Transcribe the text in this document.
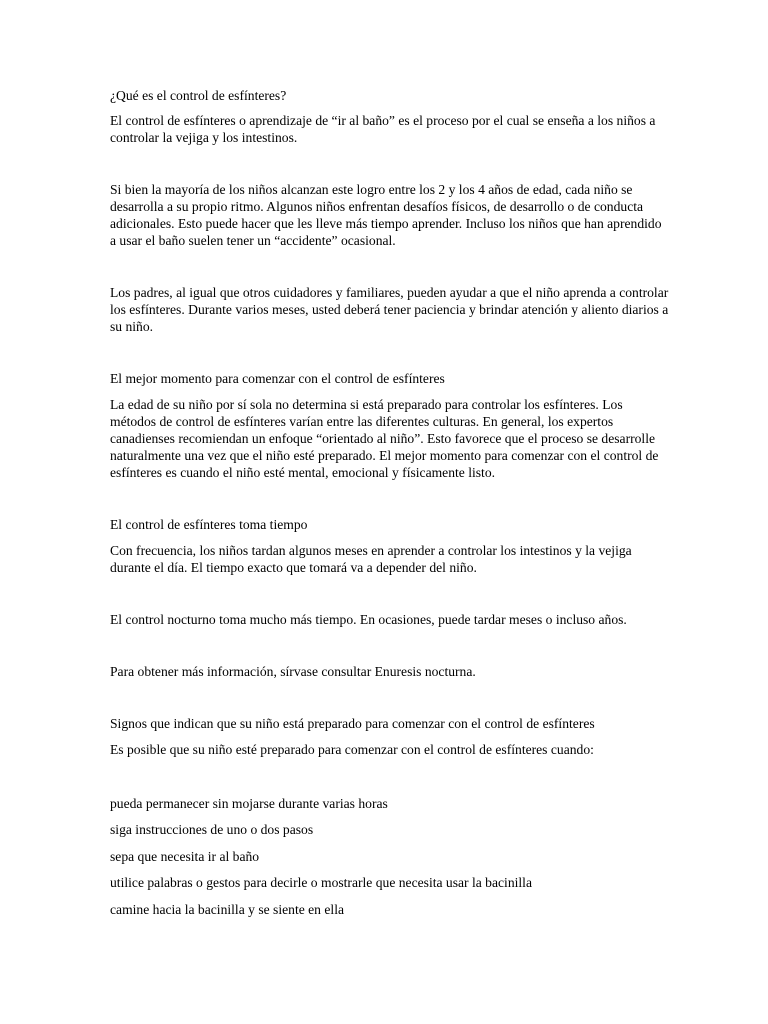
¿Qué es el control de esfínteres?

El control de esfínteres o aprendizaje de “ir al baño” es el proceso por el cual se enseña a los niños a controlar la vejiga y los intestinos.

Si bien la mayoría de los niños alcanzan este logro entre los 2 y los 4 años de edad, cada niño se desarrolla a su propio ritmo. Algunos niños enfrentan desafíos físicos, de desarrollo o de conducta adicionales. Esto puede hacer que les lleve más tiempo aprender. Incluso los niños que han aprendido a usar el baño suelen tener un “accidente” ocasional.

Los padres, al igual que otros cuidadores y familiares, pueden ayudar a que el niño aprenda a controlar los esfínteres. Durante varios meses, usted deberá tener paciencia y brindar atención y aliento diarios a su niño.

El mejor momento para comenzar con el control de esfínteres

La edad de su niño por sí sola no determina si está preparado para controlar los esfínteres. Los métodos de control de esfínteres varían entre las diferentes culturas. En general, los expertos canadienses recomiendan un enfoque “orientado al niño”. Esto favorece que el proceso se desarrolle naturalmente una vez que el niño esté preparado. El mejor momento para comenzar con el control de esfínteres es cuando el niño esté mental, emocional y físicamente listo.

El control de esfínteres toma tiempo

Con frecuencia, los niños tardan algunos meses en aprender a controlar los intestinos y la vejiga durante el día. El tiempo exacto que tomará va a depender del niño.

El control nocturno toma mucho más tiempo. En ocasiones, puede tardar meses o incluso años.

Para obtener más información, sírvase consultar Enuresis nocturna.

Signos que indican que su niño está preparado para comenzar con el control de esfínteres

Es posible que su niño esté preparado para comenzar con el control de esfínteres cuando:

pueda permanecer sin mojarse durante varias horas

siga instrucciones de uno o dos pasos

sepa que necesita ir al baño

utilice palabras o gestos para decirle o mostrarle que necesita usar la bacinilla

camine hacia la bacinilla y se siente en ella
